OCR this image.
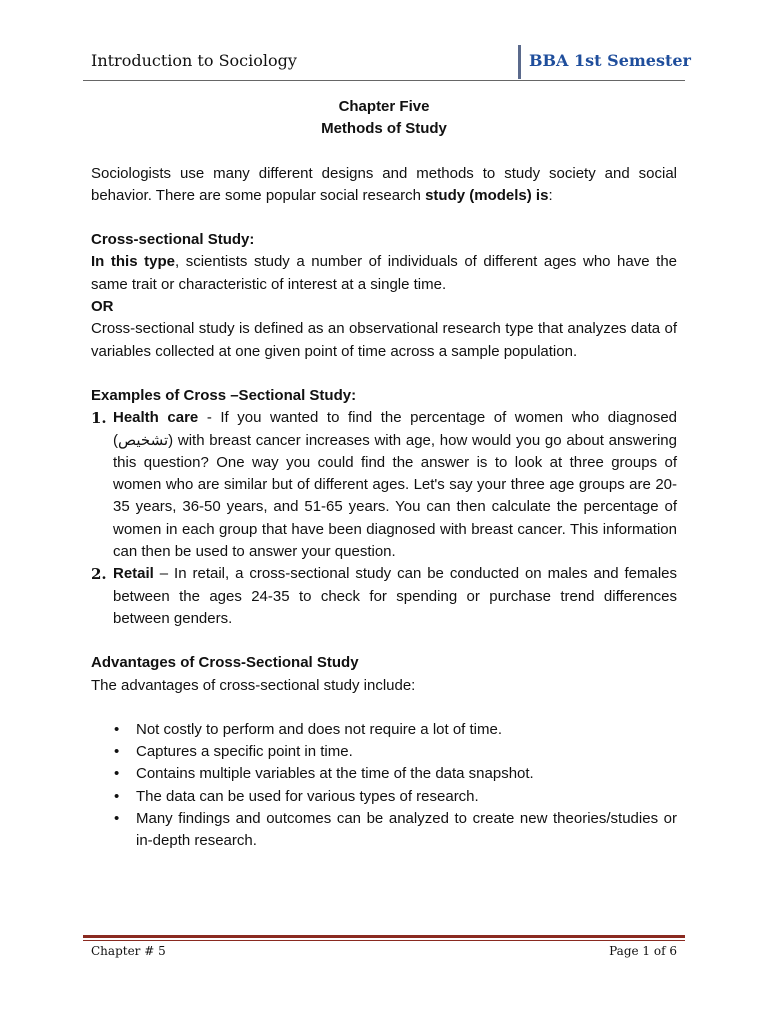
Introduction to Sociology	BBA 1st Semester
Chapter Five
Methods of Study

Sociologists use many different designs and methods to study society and social behavior. There are some popular social research study (models) is:

Cross-sectional Study:

In this type, scientists study a number of individuals of different ages who have the same trait or characteristic of interest at a single time.

OR

Cross-sectional study is defined as an observational research type that analyzes data of variables collected at one given point of time across a sample population.

Examples of Cross –Sectional Study:

1. Health care - If you wanted to find the percentage of women who diagnosed (تشخیص) with breast cancer increases with age, how would you go about answering this question? One way you could find the answer is to look at three groups of women who are similar but of different ages. Let's say your three age groups are 20-35 years, 36-50 years, and 51-65 years. You can then calculate the percentage of women in each group that have been diagnosed with breast cancer. This information can then be used to answer your question.
2. Retail – In retail, a cross-sectional study can be conducted on males and females between the ages 24-35 to check for spending or purchase trend differences between genders.

Advantages of Cross-Sectional Study

The advantages of cross-sectional study include:

• Not costly to perform and does not require a lot of time.
• Captures a specific point in time.
• Contains multiple variables at the time of the data snapshot.
• The data can be used for various types of research.
• Many findings and outcomes can be analyzed to create new theories/studies or in-depth research.
Chapter # 5	Page 1 of 6
